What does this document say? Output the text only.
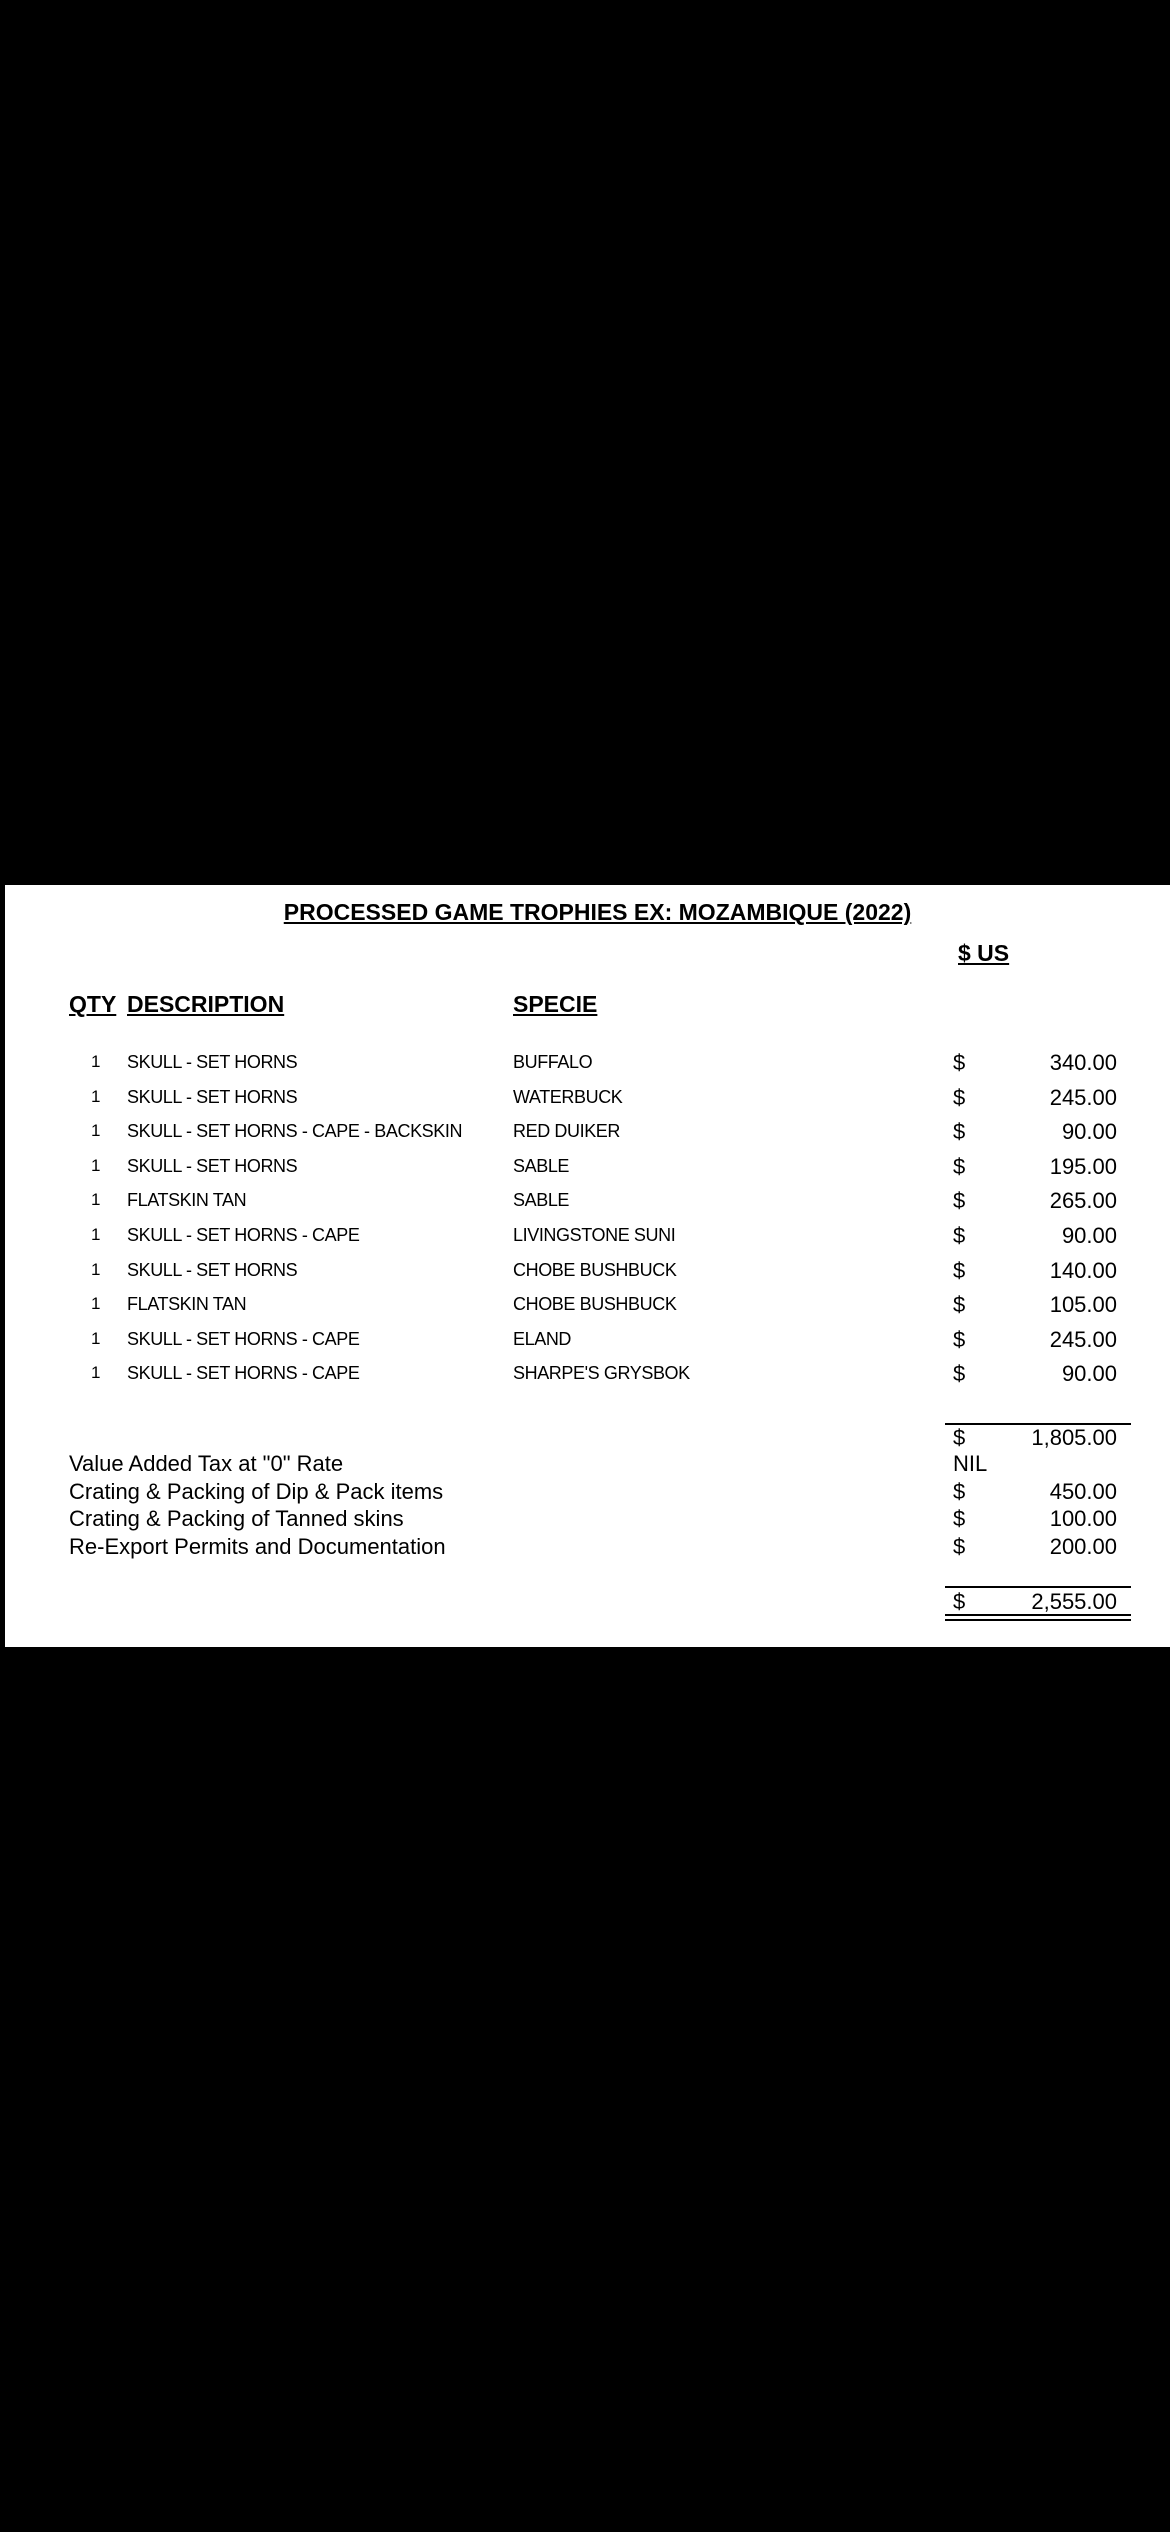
PROCESSED GAME TROPHIES EX: MOZAMBIQUE (2022)
$ US
QTY DESCRIPTION	SPECIE
1 SKULL - SET HORNS	BUFFALO	$	340.00
1 SKULL - SET HORNS	WATERBUCK	$	245.00
1 SKULL - SET HORNS - CAPE - BACKSKIN	RED DUIKER	$	90.00
1 SKULL - SET HORNS	SABLE	$	195.00
1 FLATSKIN TAN	SABLE	$	265.00
1 SKULL - SET HORNS - CAPE	LIVINGSTONE SUNI	$	90.00
1 SKULL - SET HORNS	CHOBE BUSHBUCK	$	140.00
1 FLATSKIN TAN	CHOBE BUSHBUCK	$	105.00
1 SKULL - SET HORNS - CAPE	ELAND	$	245.00
1 SKULL - SET HORNS - CAPE	SHARPE'S GRYSBOK	$	90.00
$	1,805.00
Value Added Tax at "0" Rate	NIL
Crating & Packing of Dip & Pack items	$	450.00
Crating & Packing of Tanned skins	$	100.00
Re-Export Permits and Documentation	$	200.00
$	2,555.00
